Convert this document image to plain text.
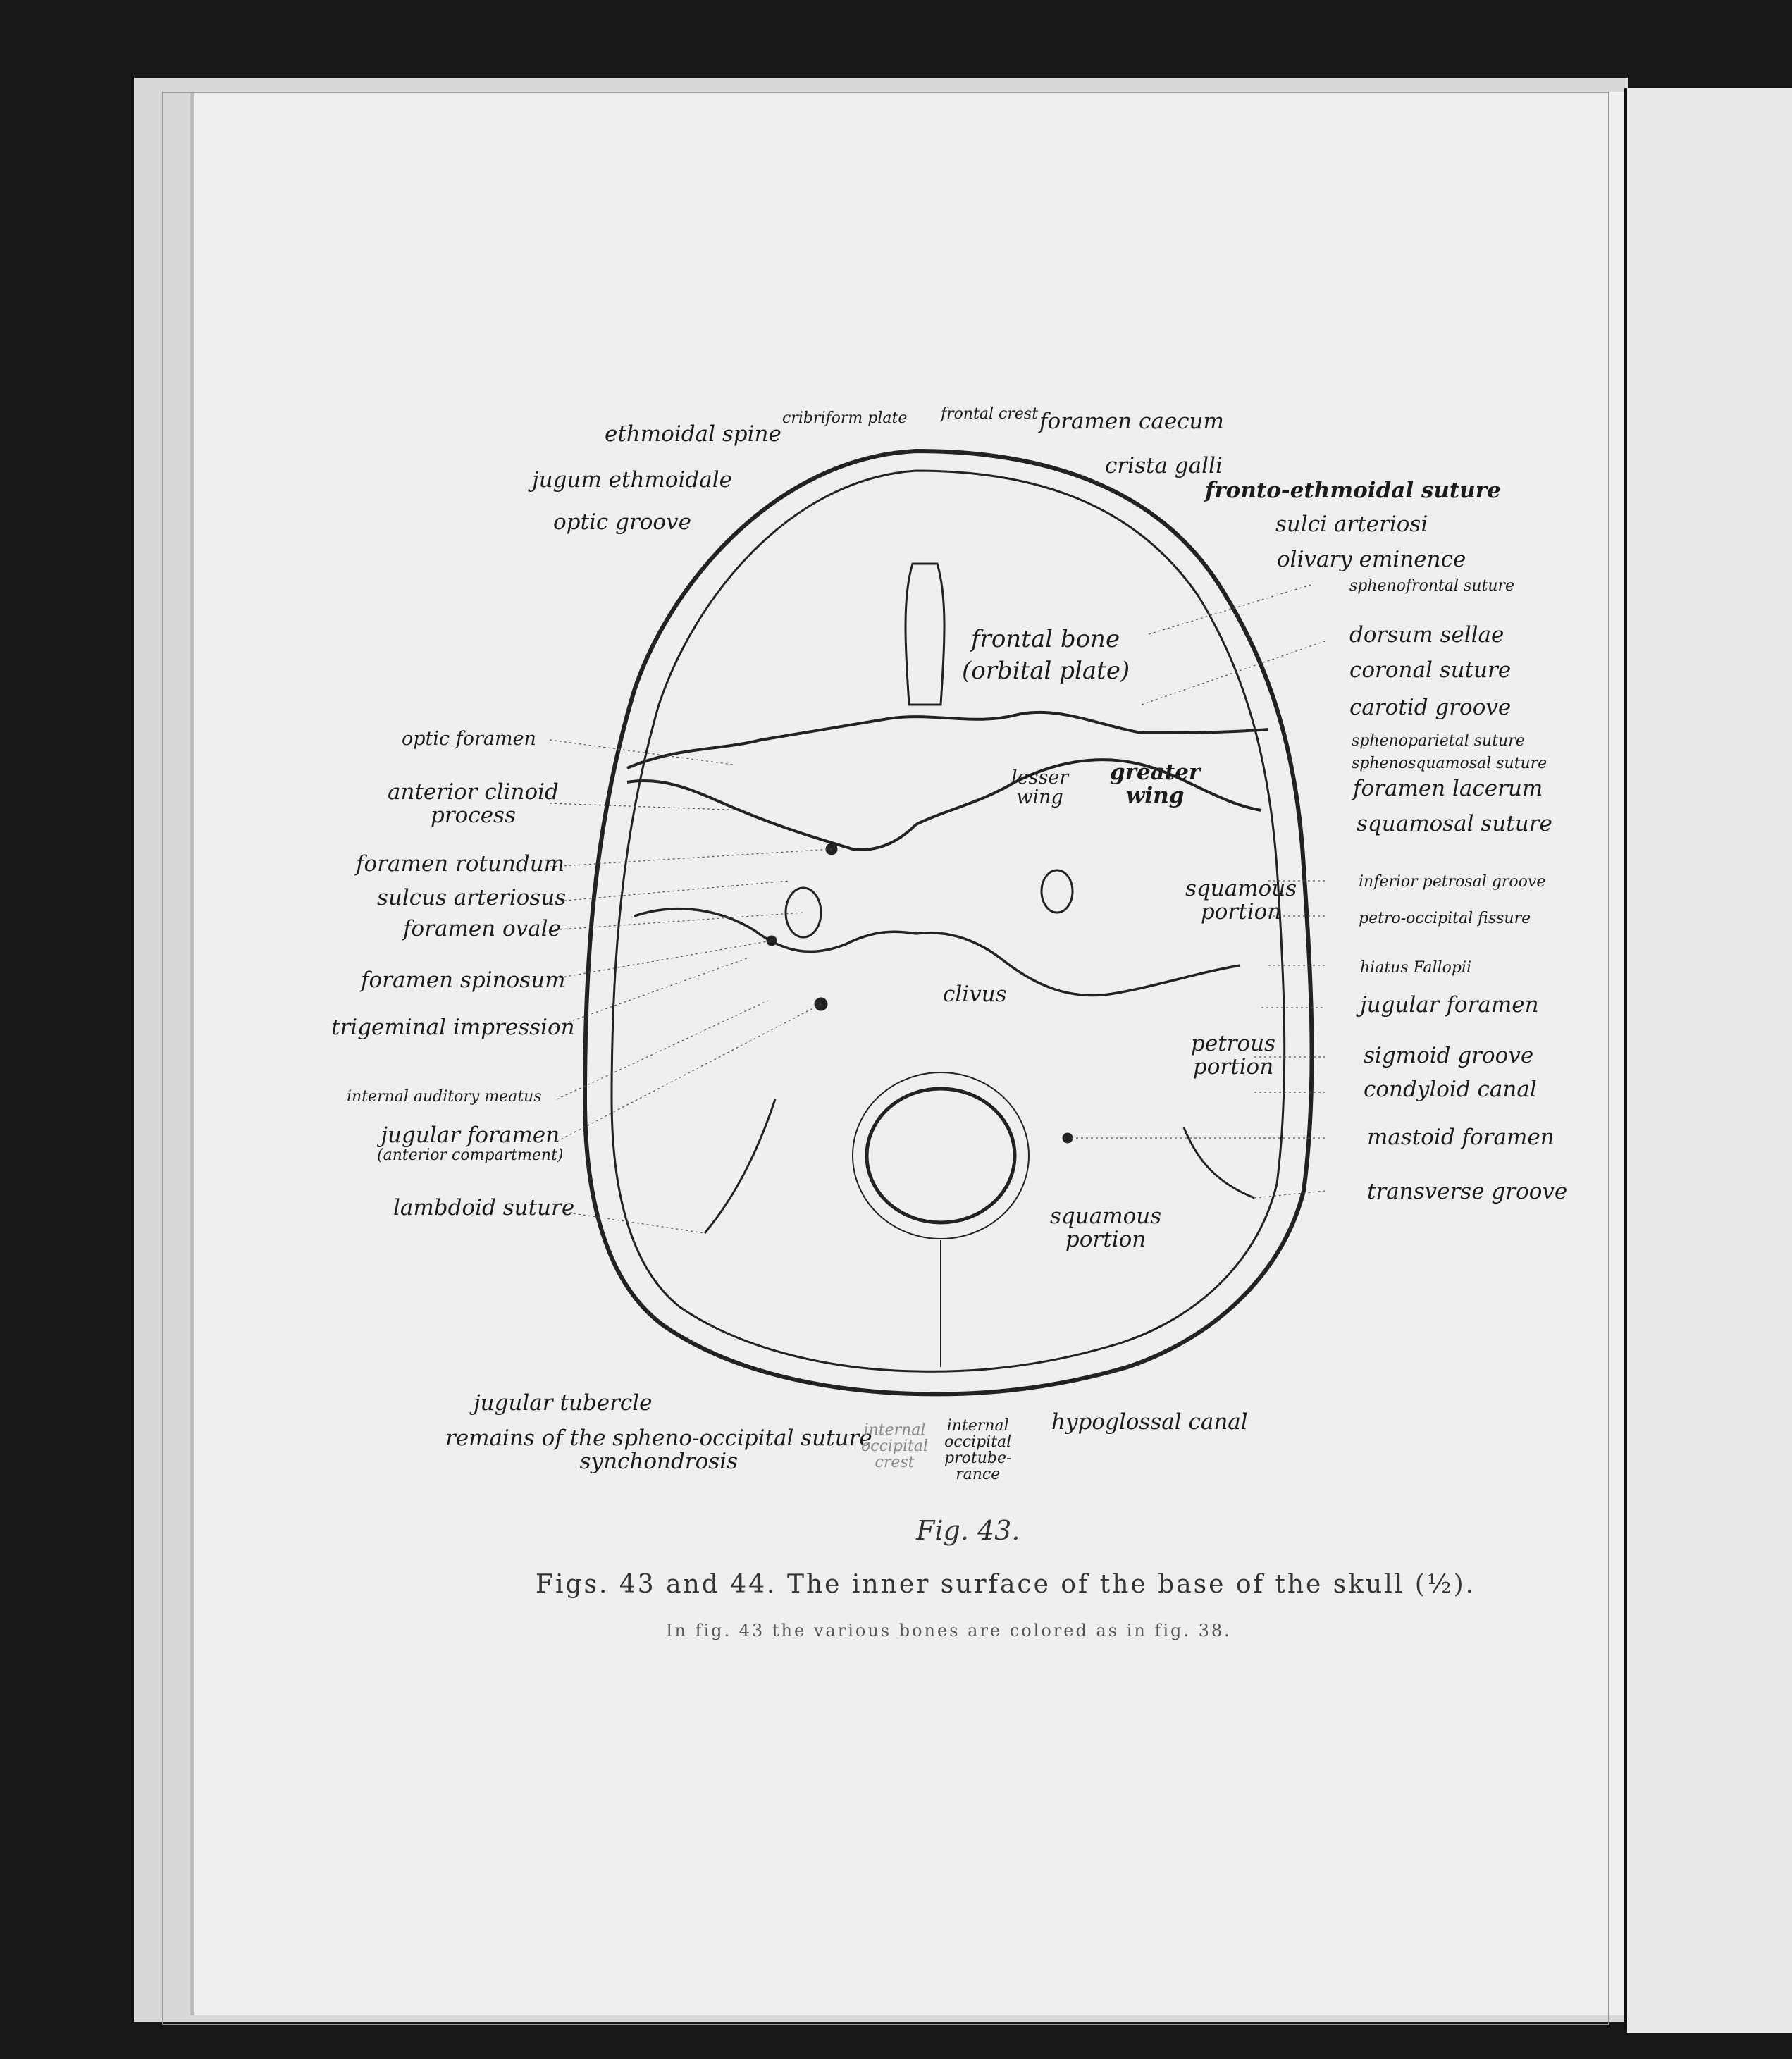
ethmoidal spine
cribriform plate frontal crest foramen caecum
crista galli
jugum ethmoidale	fronto-ethmoidal suture
optic groove	sulci arteriosi
olivary eminence
sphenofrontal suture
frontal bone
(orbital plate)
dorsum sellae
coronal suture
carotid groove
optic foramen	sphenoparietal suture
sphenosquamosal suture
anterior clinoid
process
lesser
wing
greater
wing	foramen lacerum
squamosal suture
foramen rotundum
sulcus arteriosus
foramen ovale
squamous
portion
inferior petrosal groove
petro-occipital fissure
foramen spinosum	hiatus Fallopii
clivus	jugular foramen
trigeminal impression
petrous
portion	sigmoid groove
condyloid canal
internal auditory meatus
jugular foramen
(anterior compartment)
mastoid foramen
transverse groove
lambdoid suture	squamous
portion
jugular tubercle
remains of the spheno-occipital suture
synchondrosis
internal
occipital
crest
internal
occipital
protube-
rance
hypoglossal canal
Fig. 43.
Figs. 43 and 44. The inner surface of the base of the skull (½).
In fig. 43 the various bones are colored as in fig. 38.
